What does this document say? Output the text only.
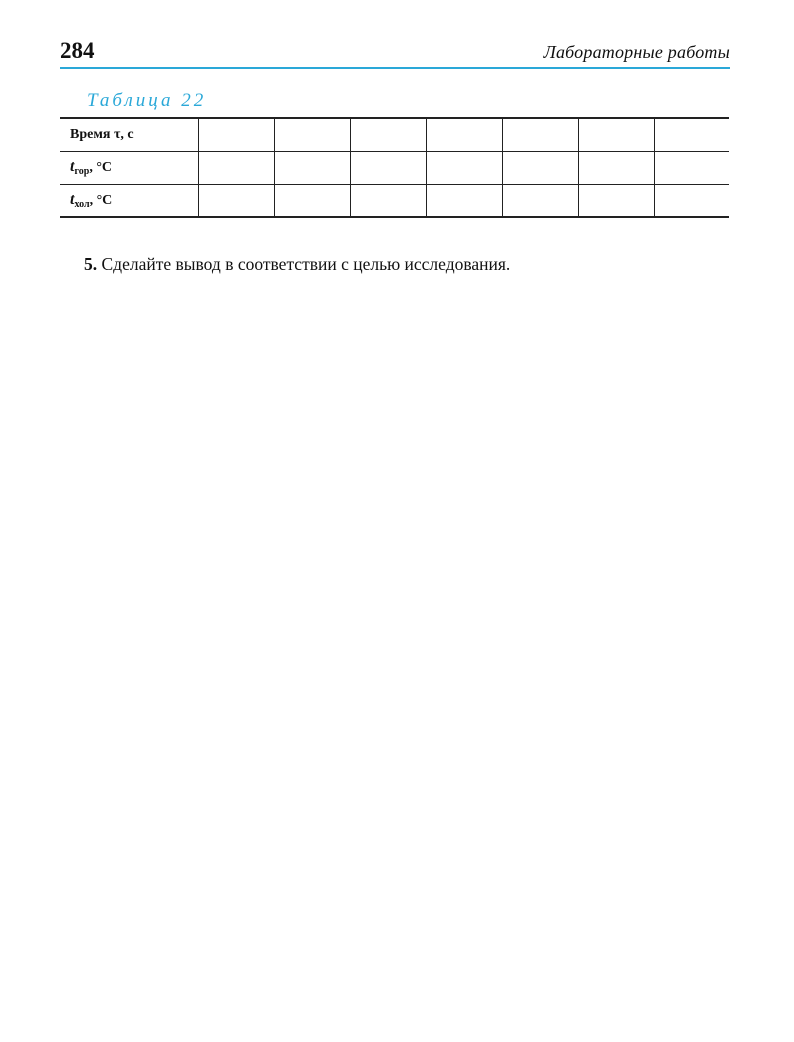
284	Лабораторные работы
Таблица 22
Время τ, с							
$t_{гор}$, °C							
$t_{хол}$, °C							
5. Сделайте вывод в соответствии с целью исследования.
